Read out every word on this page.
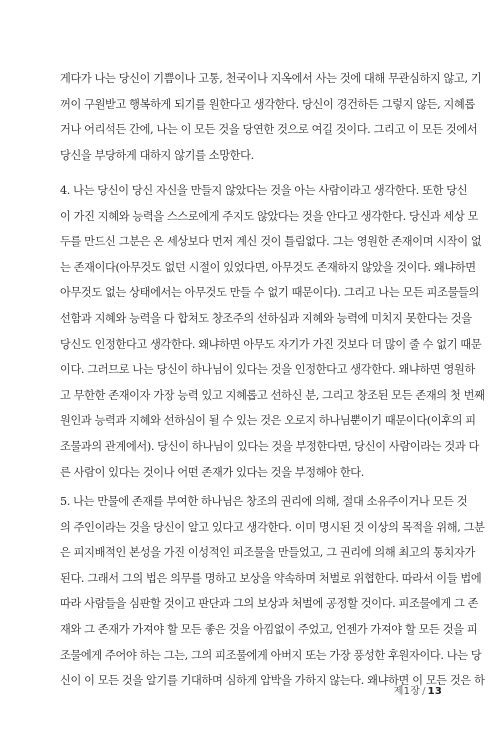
게다가 나는 당신이 기쁨이나 고통, 천국이나 지옥에서 사는 것에 대해 무관심하지 않고, 기
꺼이 구원받고 행복하게 되기를 원한다고 생각한다. 당신이 경건하든 그렇지 않든, 지혜롭
거나 어리석든 간에, 나는 이 모든 것을 당연한 것으로 여길 것이다. 그리고 이 모든 것에서
당신을 부당하게 대하지 않기를 소망한다.
4. 나는 당신이 당신 자신을 만들지 않았다는 것을 아는 사람이라고 생각한다. 또한 당신
이 가진 지혜와 능력을 스스로에게 주지도 않았다는 것을 안다고 생각한다. 당신과 세상 모
두를 만드신 그분은 온 세상보다 먼저 계신 것이 틀림없다. 그는 영원한 존재이며 시작이 없
는 존재이다(아무것도 없던 시절이 있었다면, 아무것도 존재하지 않았을 것이다. 왜냐하면
아무것도 없는 상태에서는 아무것도 만들 수 없기 때문이다). 그리고 나는 모든 피조물들의
선함과 지혜와 능력을 다 합쳐도 창조주의 선하심과 지혜와 능력에 미치지 못한다는 것을
당신도 인정한다고 생각한다. 왜냐하면 아무도 자기가 가진 것보다 더 많이 줄 수 없기 때문
이다. 그러므로 나는 당신이 하나님이 있다는 것을 인정한다고 생각한다. 왜냐하면 영원하
고 무한한 존재이자 가장 능력 있고 지혜롭고 선하신 분, 그리고 창조된 모든 존재의 첫 번째
원인과 능력과 지혜와 선하심이 될 수 있는 것은 오로지 하나님뿐이기 때문이다(이후의 피
조물과의 관계에서). 당신이 하나님이 있다는 것을 부정한다면, 당신이 사람이라는 것과 다
른 사람이 있다는 것이나 어떤 존재가 있다는 것을 부정해야 한다.
5. 나는 만물에 존재를 부여한 하나님은 창조의 권리에 의해, 절대 소유주이거나 모든 것
의 주인이라는 것을 당신이 알고 있다고 생각한다. 이미 명시된 것 이상의 목적을 위해, 그분
은 피지배적인 본성을 가진 이성적인 피조물을 만들었고, 그 권리에 의해 최고의 통치자가
된다. 그래서 그의 법은 의무를 명하고 보상을 약속하며 처벌로 위협한다. 따라서 이들 법에
따라 사람들을 심판할 것이고 판단과 그의 보상과 처벌에 공정할 것이다. 피조물에게 그 존
재와 그 존재가 가져야 할 모든 좋은 것을 아낌없이 주었고, 언젠가 가져야 할 모든 것을 피
조물에게 주어야 하는 그는, 그의 피조물에게 아버지 또는 가장 풍성한 후원자이다. 나는 당
신이 이 모든 것을 알기를 기대하며 심하게 압박을 가하지 않는다. 왜냐하면 이 모든 것은 하
제1장 / 13
